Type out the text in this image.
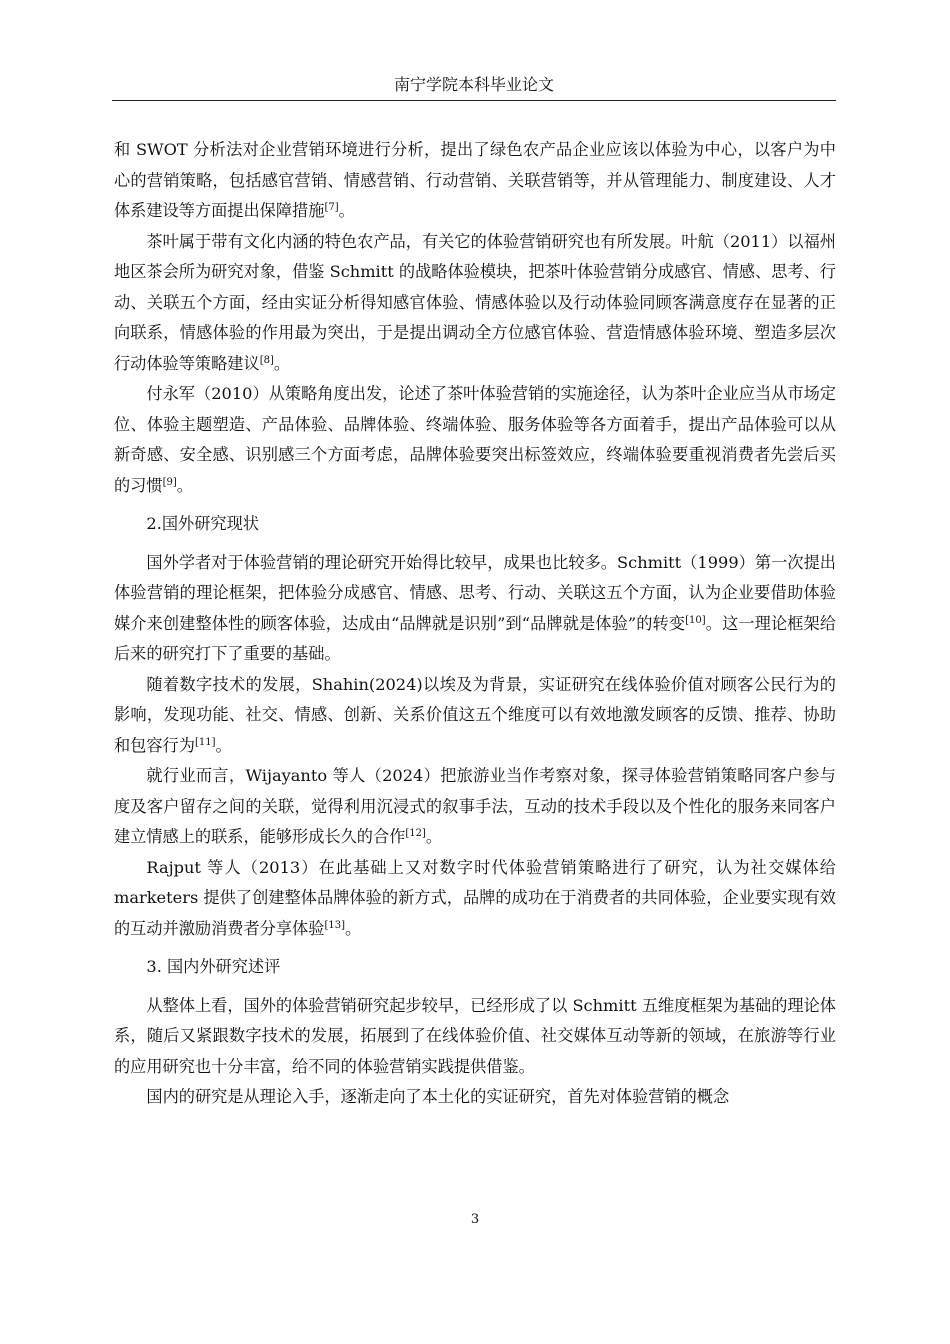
南宁学院本科毕业论文

和 SWOT 分析法对企业营销环境进行分析，提出了绿色农产品企业应该以体验为中心，以客户为中心的营销策略，包括感官营销、情感营销、行动营销、关联营销等，并从管理能力、制度建设、人才体系建设等方面提出保障措施[7]。

茶叶属于带有文化内涵的特色农产品，有关它的体验营销研究也有所发展。叶航（2011）以福州地区茶会所为研究对象，借鉴 Schmitt 的战略体验模块，把茶叶体验营销分成感官、情感、思考、行动、关联五个方面，经由实证分析得知感官体验、情感体验以及行动体验同顾客满意度存在显著的正向联系，情感体验的作用最为突出，于是提出调动全方位感官体验、营造情感体验环境、塑造多层次行动体验等策略建议[8]。

付永军（2010）从策略角度出发，论述了茶叶体验营销的实施途径，认为茶叶企业应当从市场定位、体验主题塑造、产品体验、品牌体验、终端体验、服务体验等各方面着手，提出产品体验可以从新奇感、安全感、识别感三个方面考虑，品牌体验要突出标签效应，终端体验要重视消费者先尝后买的习惯[9]。

2.国外研究现状

国外学者对于体验营销的理论研究开始得比较早，成果也比较多。Schmitt（1999）第一次提出体验营销的理论框架，把体验分成感官、情感、思考、行动、关联这五个方面，认为企业要借助体验媒介来创建整体性的顾客体验，达成由“品牌就是识别”到“品牌就是体验”的转变[10]。这一理论框架给后来的研究打下了重要的基础。

随着数字技术的发展，Shahin(2024)以埃及为背景，实证研究在线体验价值对顾客公民行为的影响，发现功能、社交、情感、创新、关系价值这五个维度可以有效地激发顾客的反馈、推荐、协助和包容行为[11]。

就行业而言，Wijayanto 等人（2024）把旅游业当作考察对象，探寻体验营销策略同客户参与度及客户留存之间的关联，觉得利用沉浸式的叙事手法，互动的技术手段以及个性化的服务来同客户建立情感上的联系，能够形成长久的合作[12]。

Rajput 等人（2013）在此基础上又对数字时代体验营销策略进行了研究，认为社交媒体给 marketers 提供了创建整体品牌体验的新方式，品牌的成功在于消费者的共同体验，企业要实现有效的互动并激励消费者分享体验[13]。

3. 国内外研究述评

从整体上看，国外的体验营销研究起步较早，已经形成了以 Schmitt 五维度框架为基础的理论体系，随后又紧跟数字技术的发展，拓展到了在线体验价值、社交媒体互动等新的领域，在旅游等行业的应用研究也十分丰富，给不同的体验营销实践提供借鉴。

国内的研究是从理论入手，逐渐走向了本土化的实证研究，首先对体验营销的概念

3
